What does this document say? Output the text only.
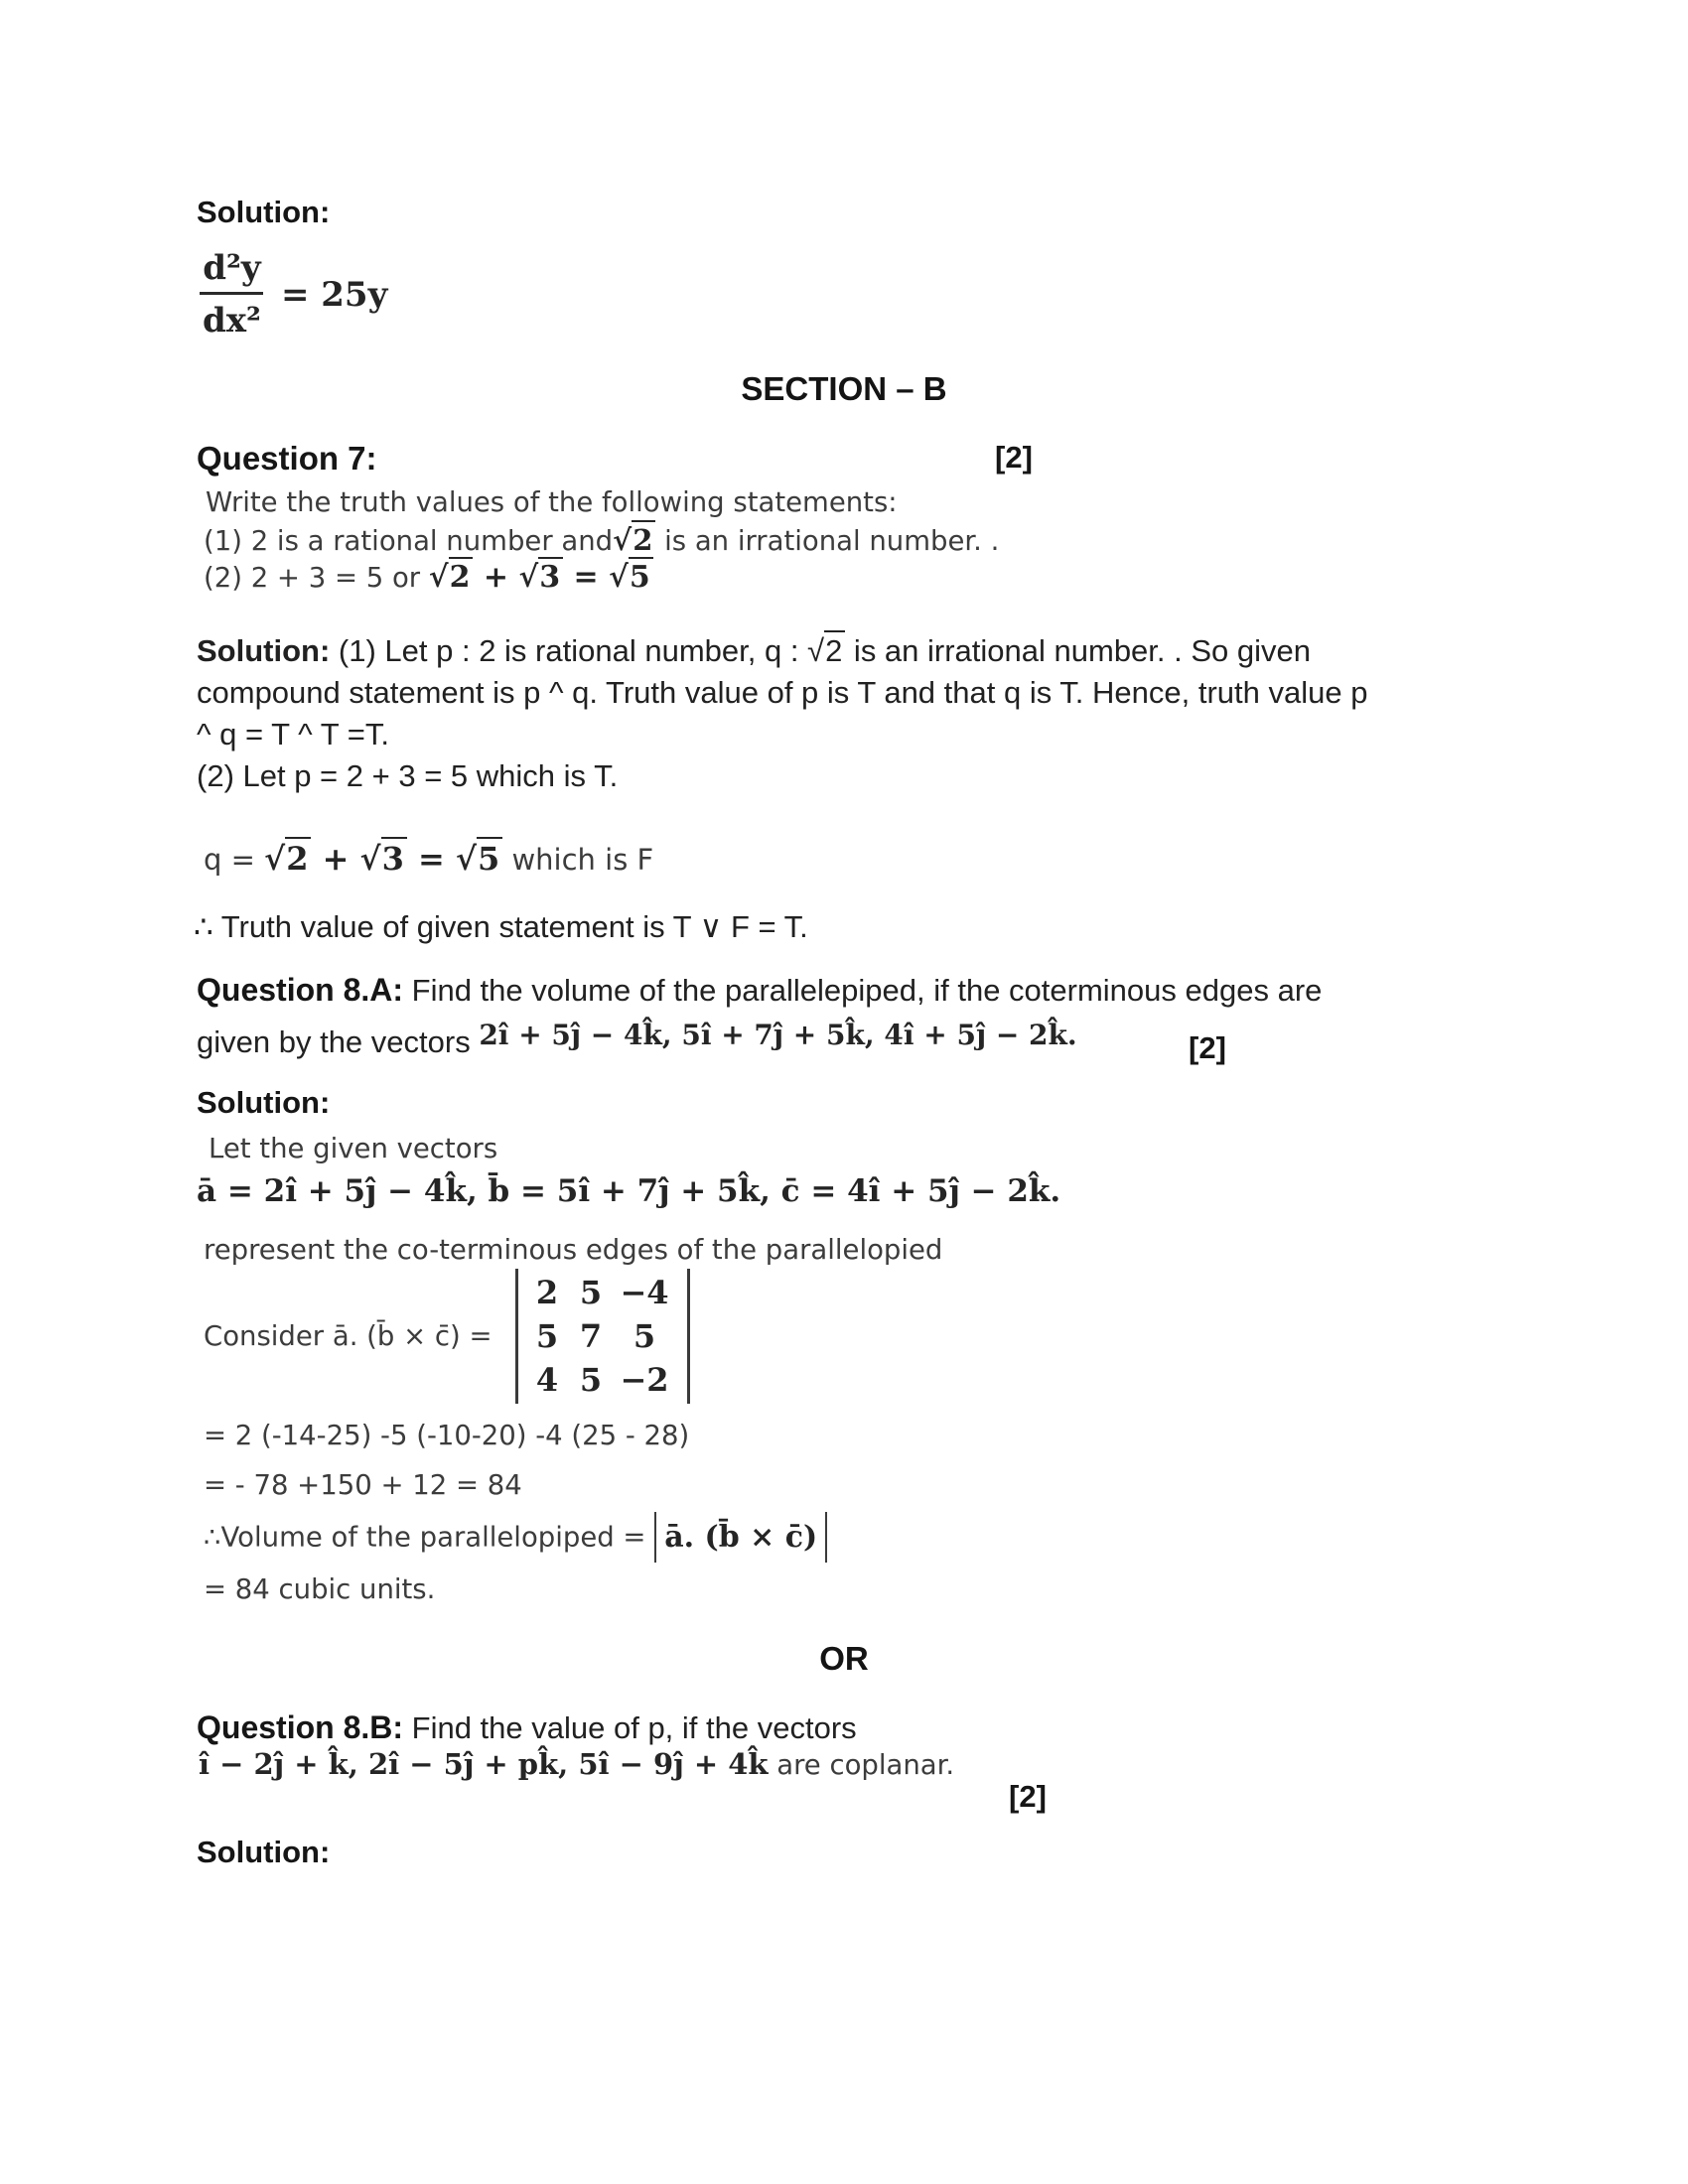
Solution:
$\frac{\text{d²y}}{\text{dx²}} = 25y$
SECTION – B
Question 7:	[2]
Write the truth values of the following statements:
(1) 2 is a rational number and√2 is an irrational number. .
(2) 2 + 3 = 5 or √2 + √3 = √5
Solution: (1) Let p : 2 is rational number, q : √2 is an irrational number. . So given
compound statement is p ^ q. Truth value of p is T and that q is T. Hence, truth value p
^ q = T ^ T =T.
(2) Let p = 2 + 3 = 5 which is T.
q = √2 + √3 = √5 which is F
∴ Truth value of given statement is T ∨ F = T.
Question 8.A: Find the volume of the parallelepiped, if the coterminous edges are
given by the vectors 2î + 5ĵ − 4k̂, 5î + 7ĵ + 5k̂, 4î + 5ĵ − 2k̂.	[2]
Solution:
Let the given vectors
ā = 2î + 5ĵ − 4k̂, b̄ = 5î + 7ĵ + 5k̂, c̄ = 4î + 5ĵ − 2k̂.
represent the co-terminous edges of the parallelopied
Consider ā. (b̄ × c̄) =
2 5 −4
5 7 5
4 5 −2
= 2 (-14-25) -5 (-10-20) -4 (25 - 28)
= - 78 +150 + 12 = 84
∴Volume of the parallelopiped = ā. (b̄ × c̄)
= 84 cubic units.
OR
Question 8.B: Find the value of p, if the vectors
î − 2ĵ + k̂, 2î − 5ĵ + pk̂, 5î − 9ĵ + 4k̂ are coplanar.
[2]
Solution:
